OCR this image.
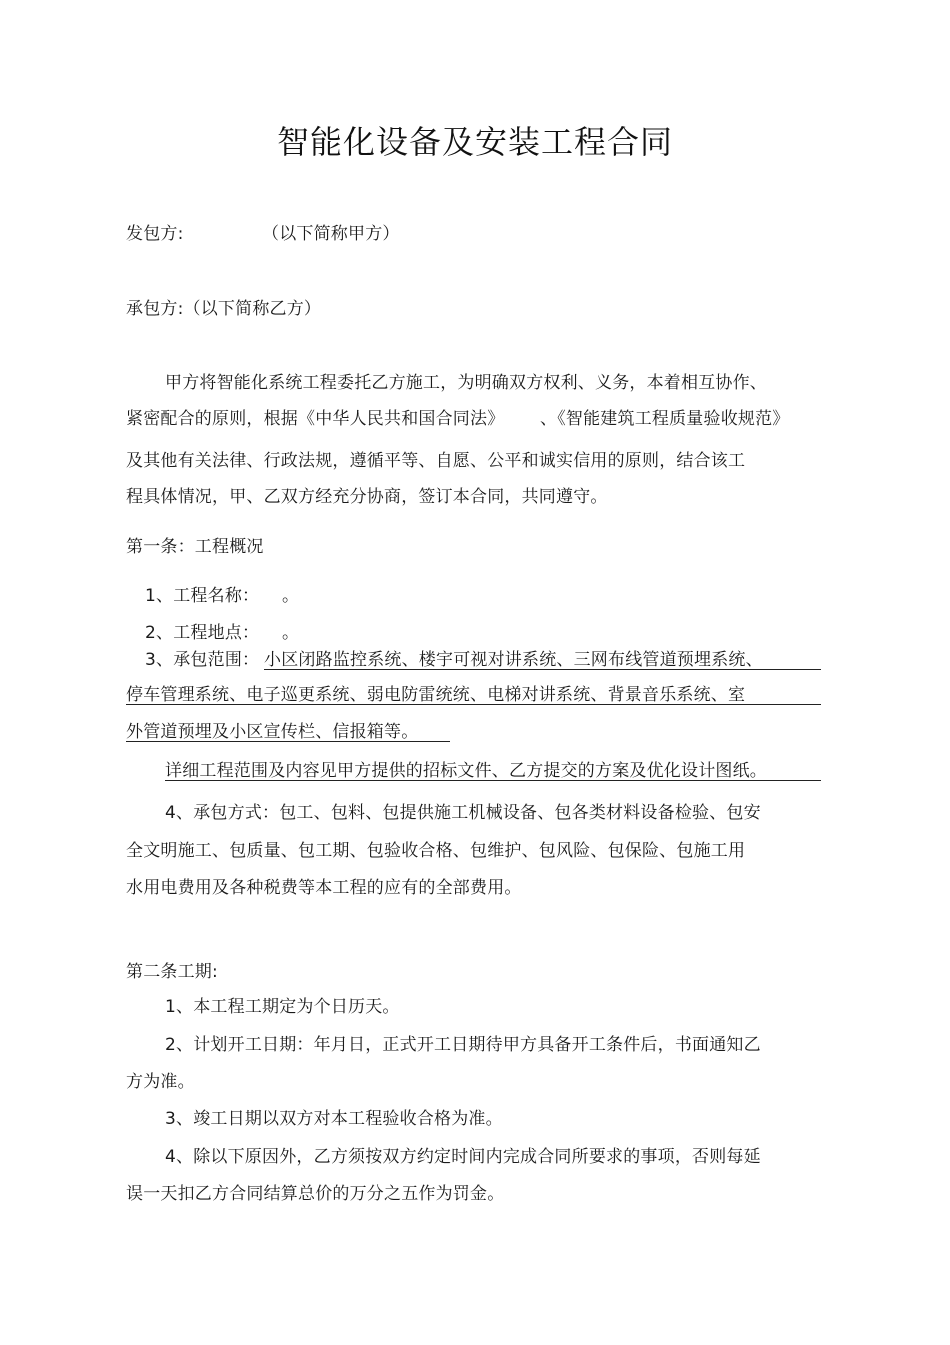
智能化设备及安装工程合同
发包方:	（以下简称甲方）
承包方:（以下简称乙方）
甲方将智能化系统工程委托乙方施工，为明确双方权利、义务，本着相互协作、
紧密配合的原则，根据《中华人民共和国合同法》 、《智能建筑工程质量验收规范》
及其他有关法律、行政法规，遵循平等、自愿、公平和诚实信用的原则，结合该工
程具体情况，甲、乙双方经充分协商，签订本合同，共同遵守。
第一条：工程概况
1、工程名称： 。
2、工程地点： 。
3、承包范围： 小区闭路监控系统、楼宇可视对讲系统、三网布线管道预埋系统、
停车管理系统、电子巡更系统、弱电防雷统统、电梯对讲系统、背景音乐系统、室
外管道预埋及小区宣传栏、信报箱等。
详细工程范围及内容见甲方提供的招标文件、乙方提交的方案及优化设计图纸。
4、承包方式：包工、包料、包提供施工机械设备、包各类材料设备检验、包安
全文明施工、包质量、包工期、包验收合格、包维护、包风险、包保险、包施工用
水用电费用及各种税费等本工程的应有的全部费用。
第二条工期:
1、本工程工期定为个日历天。
2、计划开工日期：年月日，正式开工日期待甲方具备开工条件后，书面通知乙
方为准。
3、竣工日期以双方对本工程验收合格为准。
4、除以下原因外，乙方须按双方约定时间内完成合同所要求的事项，否则每延
误一天扣乙方合同结算总价的万分之五作为罚金。
